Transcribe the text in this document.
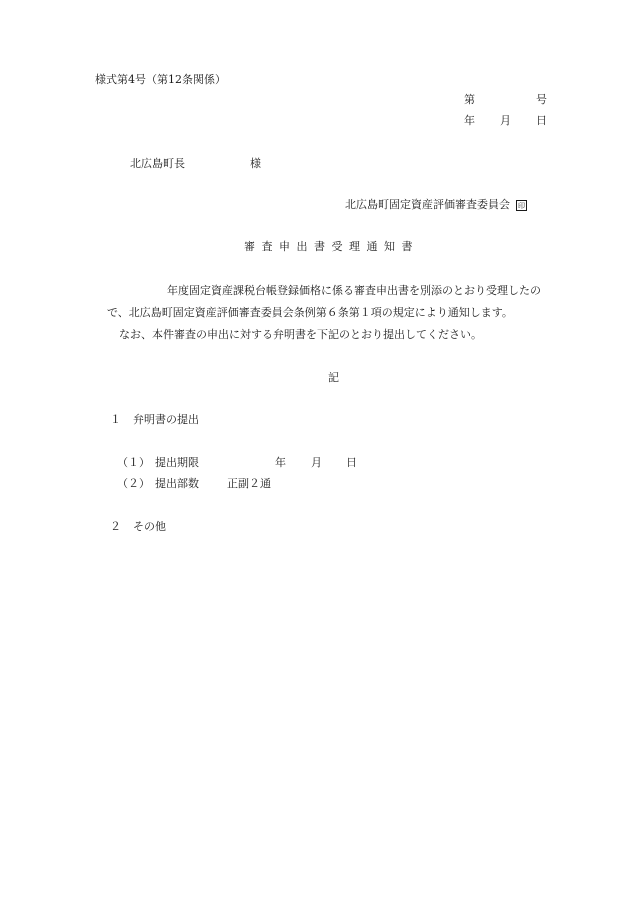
様式第4号（第12条関係）
第	号
年 月 日
北広島町長	様
北広島町固定資産評価審査委員会 印
審 査 申 出 書 受 理 通 知 書
年度固定資産課税台帳登録価格に係る審査申出書を別添のとおり受理したの
で、北広島町固定資産評価審査委員会条例第６条第１項の規定により通知します。
なお、本件審査の申出に対する弁明書を下記のとおり提出してください。
記
１ 弁明書の提出
（１） 提出期限	年 月 日
（２） 提出部数	正副２通
２ その他
